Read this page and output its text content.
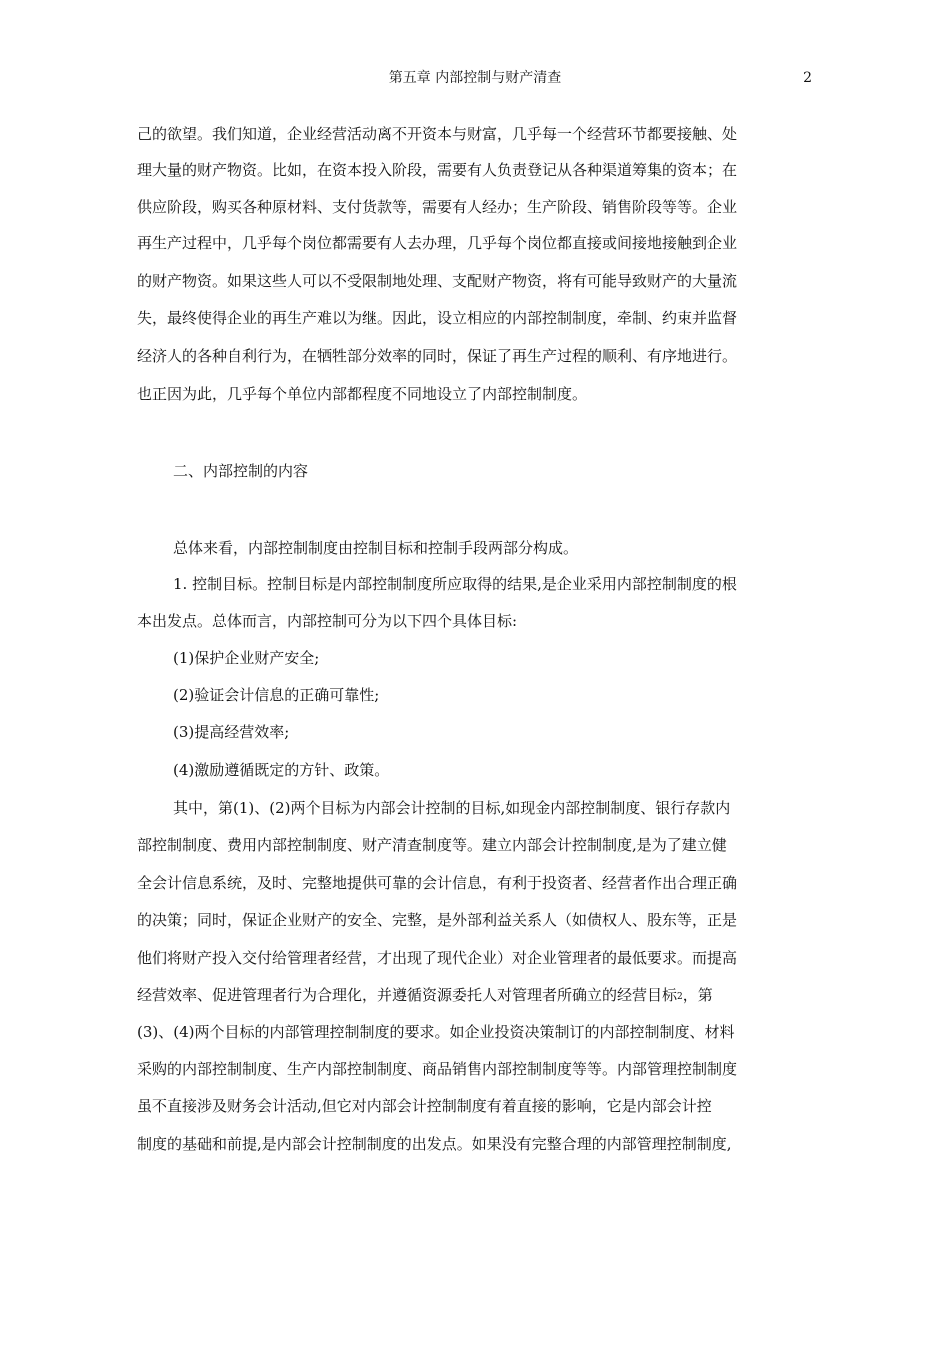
第五章 内部控制与财产清查	2
己的欲望。我们知道，企业经营活动离不开资本与财富，几乎每一个经营环节都要接触、处
理大量的财产物资。比如，在资本投入阶段，需要有人负责登记从各种渠道筹集的资本；在
供应阶段，购买各种原材料、支付货款等，需要有人经办；生产阶段、销售阶段等等。企业
再生产过程中，几乎每个岗位都需要有人去办理，几乎每个岗位都直接或间接地接触到企业
的财产物资。如果这些人可以不受限制地处理、支配财产物资，将有可能导致财产的大量流
失，最终使得企业的再生产难以为继。因此，设立相应的内部控制制度，牵制、约束并监督
经济人的各种自利行为，在牺牲部分效率的同时，保证了再生产过程的顺利、有序地进行。
也正因为此，几乎每个单位内部都程度不同地设立了内部控制制度。
二、内部控制的内容
总体来看，内部控制制度由控制目标和控制手段两部分构成。
1. 控制目标。控制目标是内部控制制度所应取得的结果,是企业采用内部控制制度的根
本出发点。总体而言，内部控制可分为以下四个具体目标:
(1)保护企业财产安全;
(2)验证会计信息的正确可靠性;
(3)提高经营效率;
(4)激励遵循既定的方针、政策。
其中，第(1)、(2)两个目标为内部会计控制的目标,如现金内部控制制度、银行存款内
部控制制度、费用内部控制制度、财产清查制度等。建立内部会计控制制度,是为了建立健
全会计信息系统，及时、完整地提供可靠的会计信息，有利于投资者、经营者作出合理正确
的决策；同时，保证企业财产的安全、完整，是外部利益关系人（如债权人、股东等，正是
他们将财产投入交付给管理者经营，才出现了现代企业）对企业管理者的最低要求。而提高
经营效率、促进管理者行为合理化，并遵循资源委托人对管理者所确立的经营目标$^2$，第
(3)、(4)两个目标的内部管理控制制度的要求。如企业投资决策制订的内部控制制度、材料
采购的内部控制制度、生产内部控制制度、商品销售内部控制制度等等。内部管理控制制度
虽不直接涉及财务会计活动,但它对内部会计控制制度有着直接的影响，它是内部会计控
制度的基础和前提,是内部会计控制制度的出发点。如果没有完整合理的内部管理控制制度,
